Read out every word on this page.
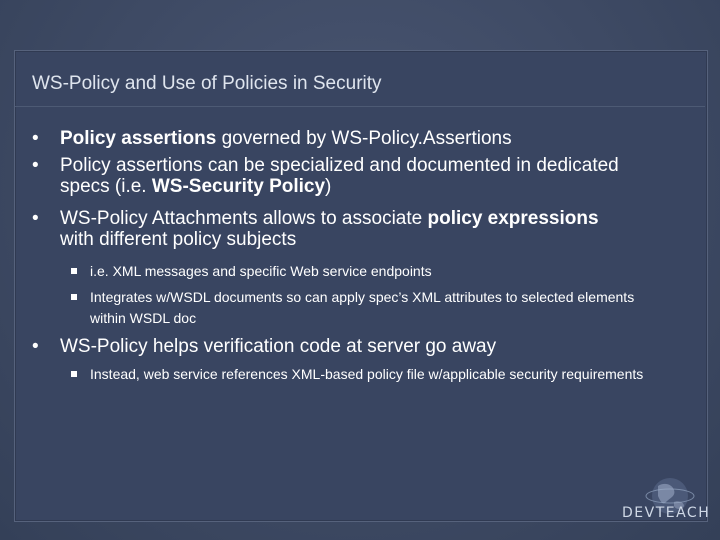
WS-Policy and Use of Policies in Security
• Policy assertions governed by WS-Policy.Assertions
• Policy assertions can be specialized and documented in dedicated specs (i.e. WS-Security Policy)
• WS-Policy Attachments allows to associate policy expressions with different policy subjects
i.e. XML messages and specific Web service endpoints
Integrates w/WSDL documents so can apply spec’s XML attributes to selected elements within WSDL doc
• WS-Policy helps verification code at server go away
Instead, web service references XML-based policy file w/applicable security requirements
DEVTEACH
